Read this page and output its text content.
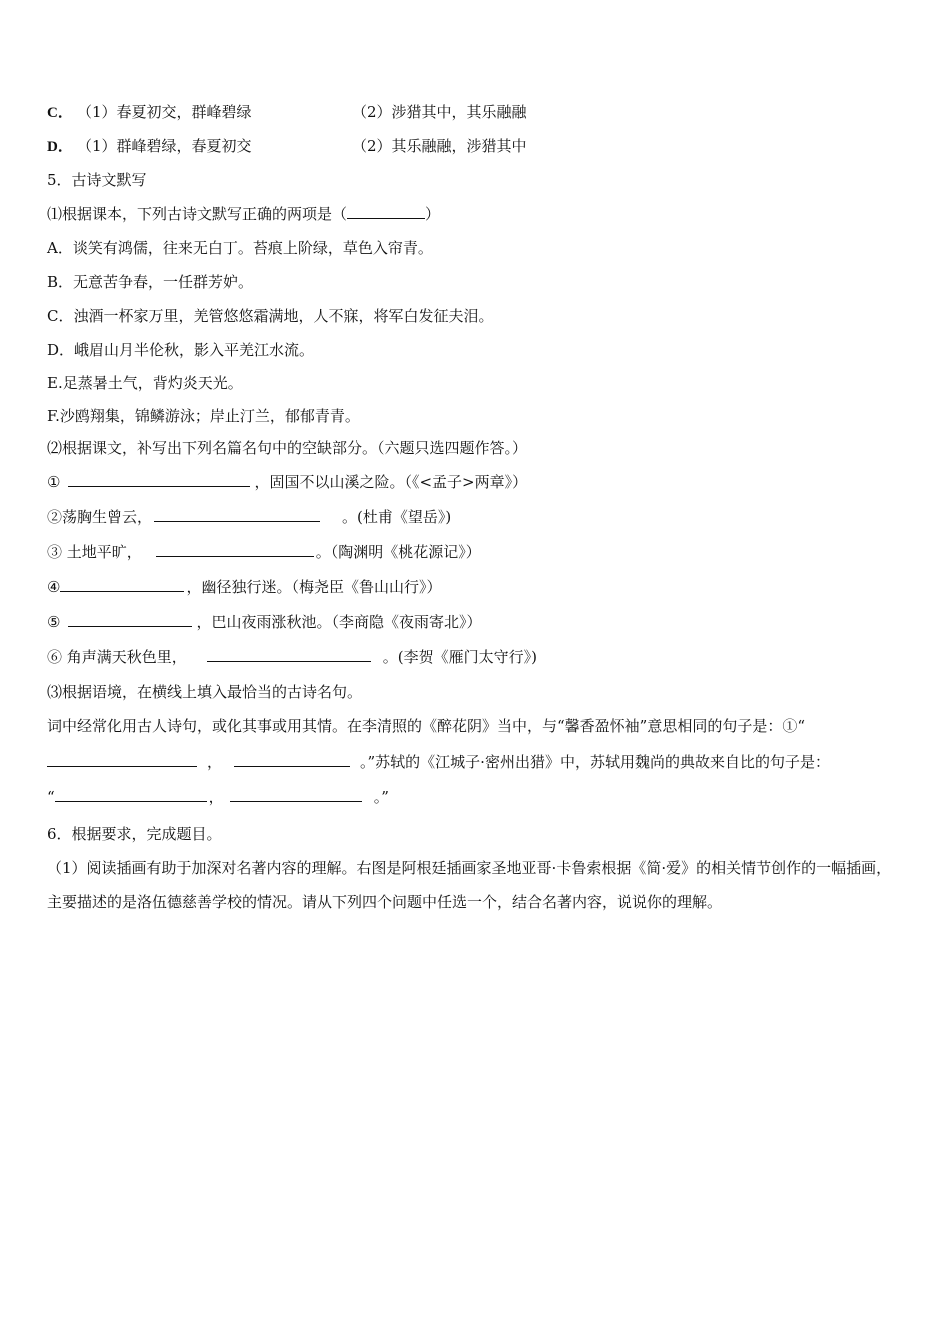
C． （1）春夏初交，群峰碧绿	（2）涉猎其中，其乐融融
D． （1）群峰碧绿，春夏初交	（2）其乐融融，涉猎其中
5．古诗文默写
⑴根据课本，下列古诗文默写正确的两项是（	）
A．谈笑有鸿儒，往来无白丁。苔痕上阶绿，草色入帘青。
B．无意苦争春，一任群芳妒。
C．浊酒一杯家万里，羌管悠悠霜满地，人不寐，将军白发征夫泪。
D．峨眉山月半伦秋，影入平羌江水流。
E.足蒸暑土气，背灼炎天光。
F.沙鸥翔集，锦鳞游泳；岸止汀兰，郁郁青青。
⑵根据课文，补写出下列名篇名句中的空缺部分。（六题只选四题作答。）
①	，固国不以山溪之险。（《<孟子>两章》）
②荡胸生曾云，	。(杜甫《望岳》)
③ 土地平旷，	。（陶渊明《桃花源记》）
④	，幽径独行迷。（梅尧臣《鲁山山行》）
⑤	，巴山夜雨涨秋池。（李商隐《夜雨寄北》）
⑥ 角声满天秋色里，	。(李贺《雁门太守行》)
⑶根据语境，在横线上填入最恰当的古诗名句。
词中经常化用古人诗句，或化其事或用其情。在李清照的《醉花阴》当中，与“馨香盈怀袖”意思相同的句子是：①“
，	。”苏轼的《江城子·密州出猎》中，苏轼用魏尚的典故来自比的句子是：
“	，	。”
6．根据要求，完成题目。
（1）阅读插画有助于加深对名著内容的理解。右图是阿根廷插画家圣地亚哥·卡鲁索根据《简·爱》的相关情节创作的一幅插画，主要描述的是洛伍德慈善学校的情况。请从下列四个问题中任选一个，结合名著内容，说说你的理解。
